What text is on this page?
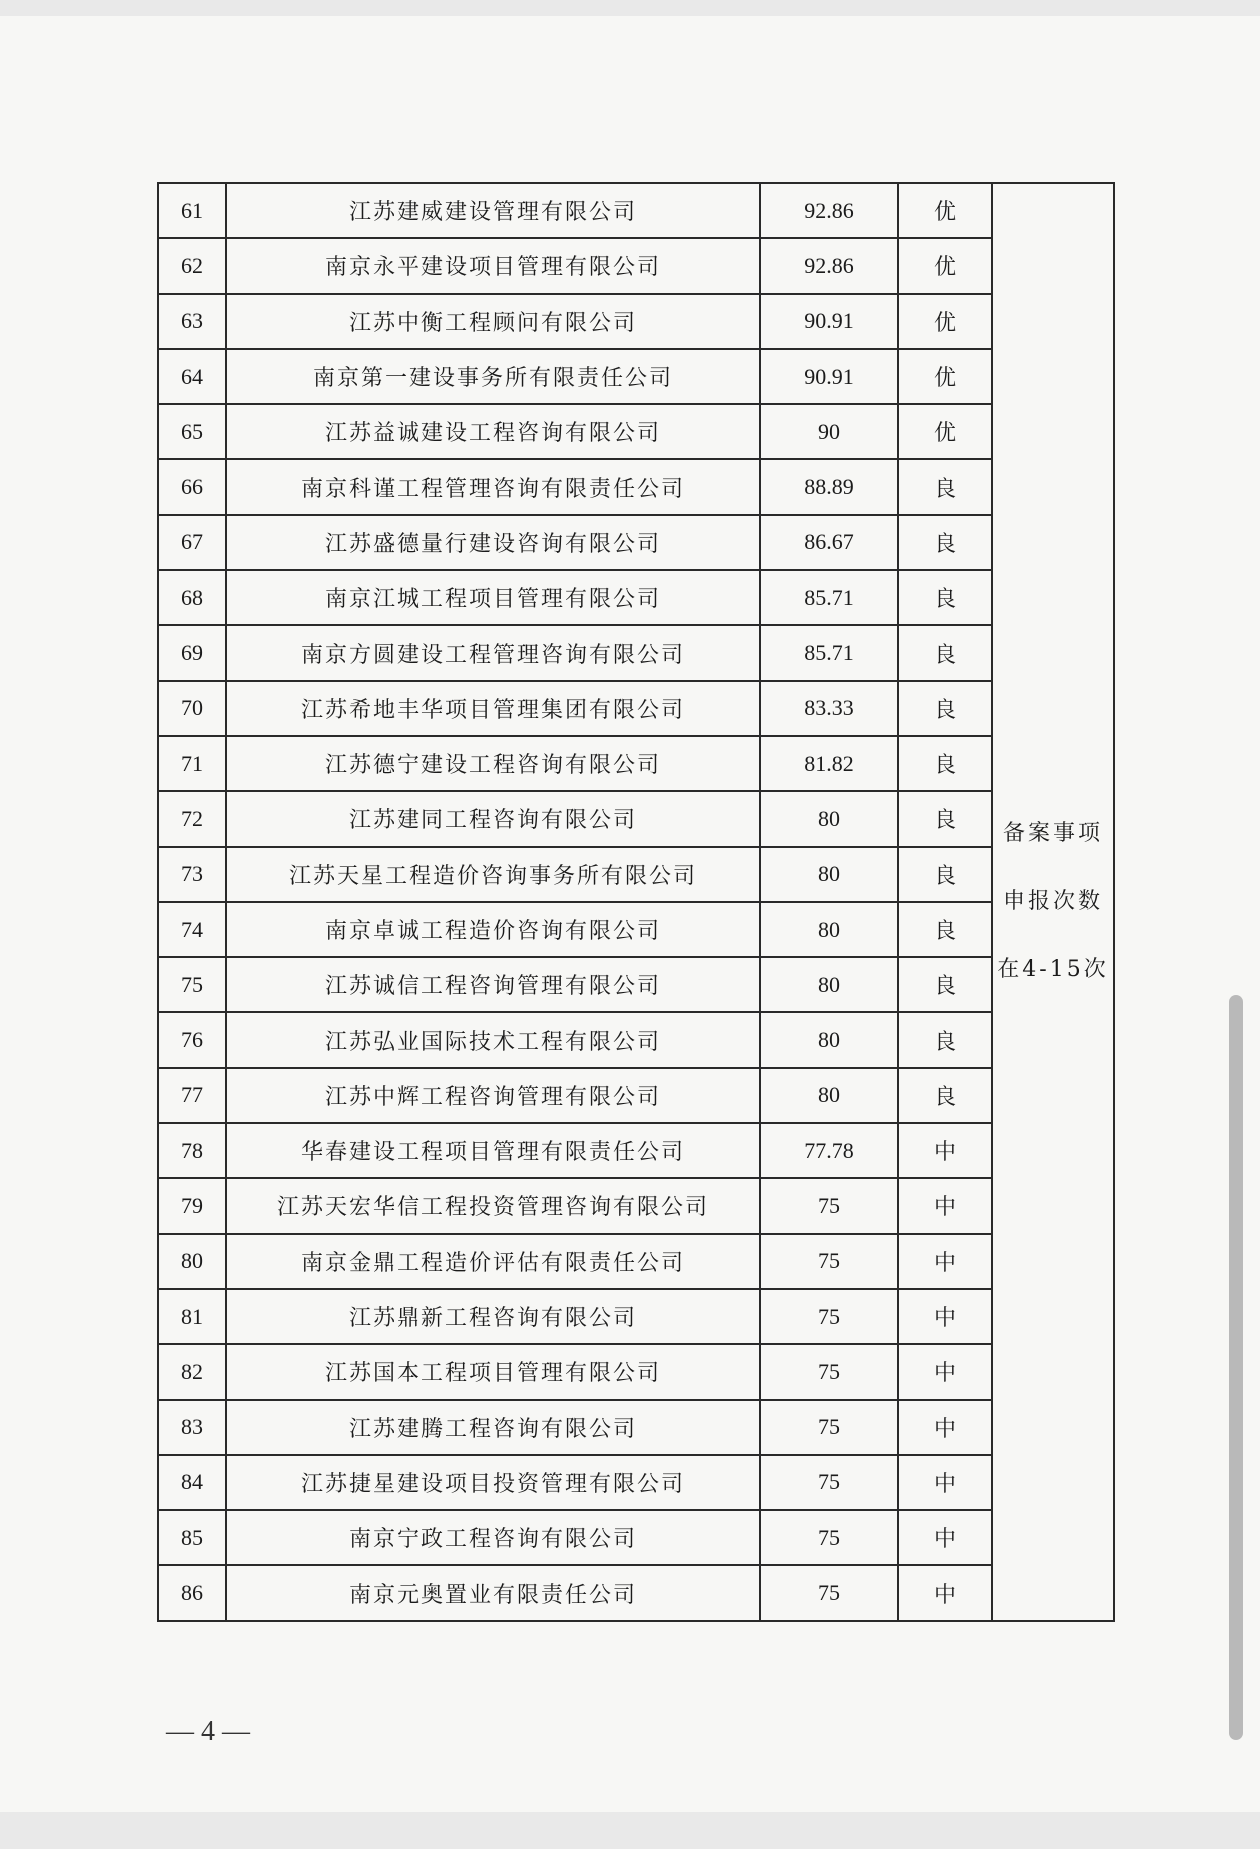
61	江苏建威建设管理有限公司	92.86	优	备案事项
申报次数
在4-15次

62	南京永平建设项目管理有限公司	92.86	优	
63	江苏中衡工程顾问有限公司	90.91	优	
64	南京第一建设事务所有限责任公司	90.91	优	
65	江苏益诚建设工程咨询有限公司	90	优	
66	南京科谨工程管理咨询有限责任公司	88.89	良	
67	江苏盛德量行建设咨询有限公司	86.67	良	
68	南京江城工程项目管理有限公司	85.71	良	
69	南京方圆建设工程管理咨询有限公司	85.71	良	
70	江苏希地丰华项目管理集团有限公司	83.33	良	
71	江苏德宁建设工程咨询有限公司	81.82	良	
72	江苏建同工程咨询有限公司	80	良	
73	江苏天星工程造价咨询事务所有限公司	80	良	
74	南京卓诚工程造价咨询有限公司	80	良	
75	江苏诚信工程咨询管理有限公司	80	良	
76	江苏弘业国际技术工程有限公司	80	良	
77	江苏中辉工程咨询管理有限公司	80	良	
78	华春建设工程项目管理有限责任公司	77.78	中	
79	江苏天宏华信工程投资管理咨询有限公司	75	中	
80	南京金鼎工程造价评估有限责任公司	75	中	
81	江苏鼎新工程咨询有限公司	75	中	
82	江苏国本工程项目管理有限公司	75	中	
83	江苏建腾工程咨询有限公司	75	中	
84	江苏捷星建设项目投资管理有限公司	75	中	
85	南京宁政工程咨询有限公司	75	中	
86	南京元奥置业有限责任公司	75	中	
— 4 —
